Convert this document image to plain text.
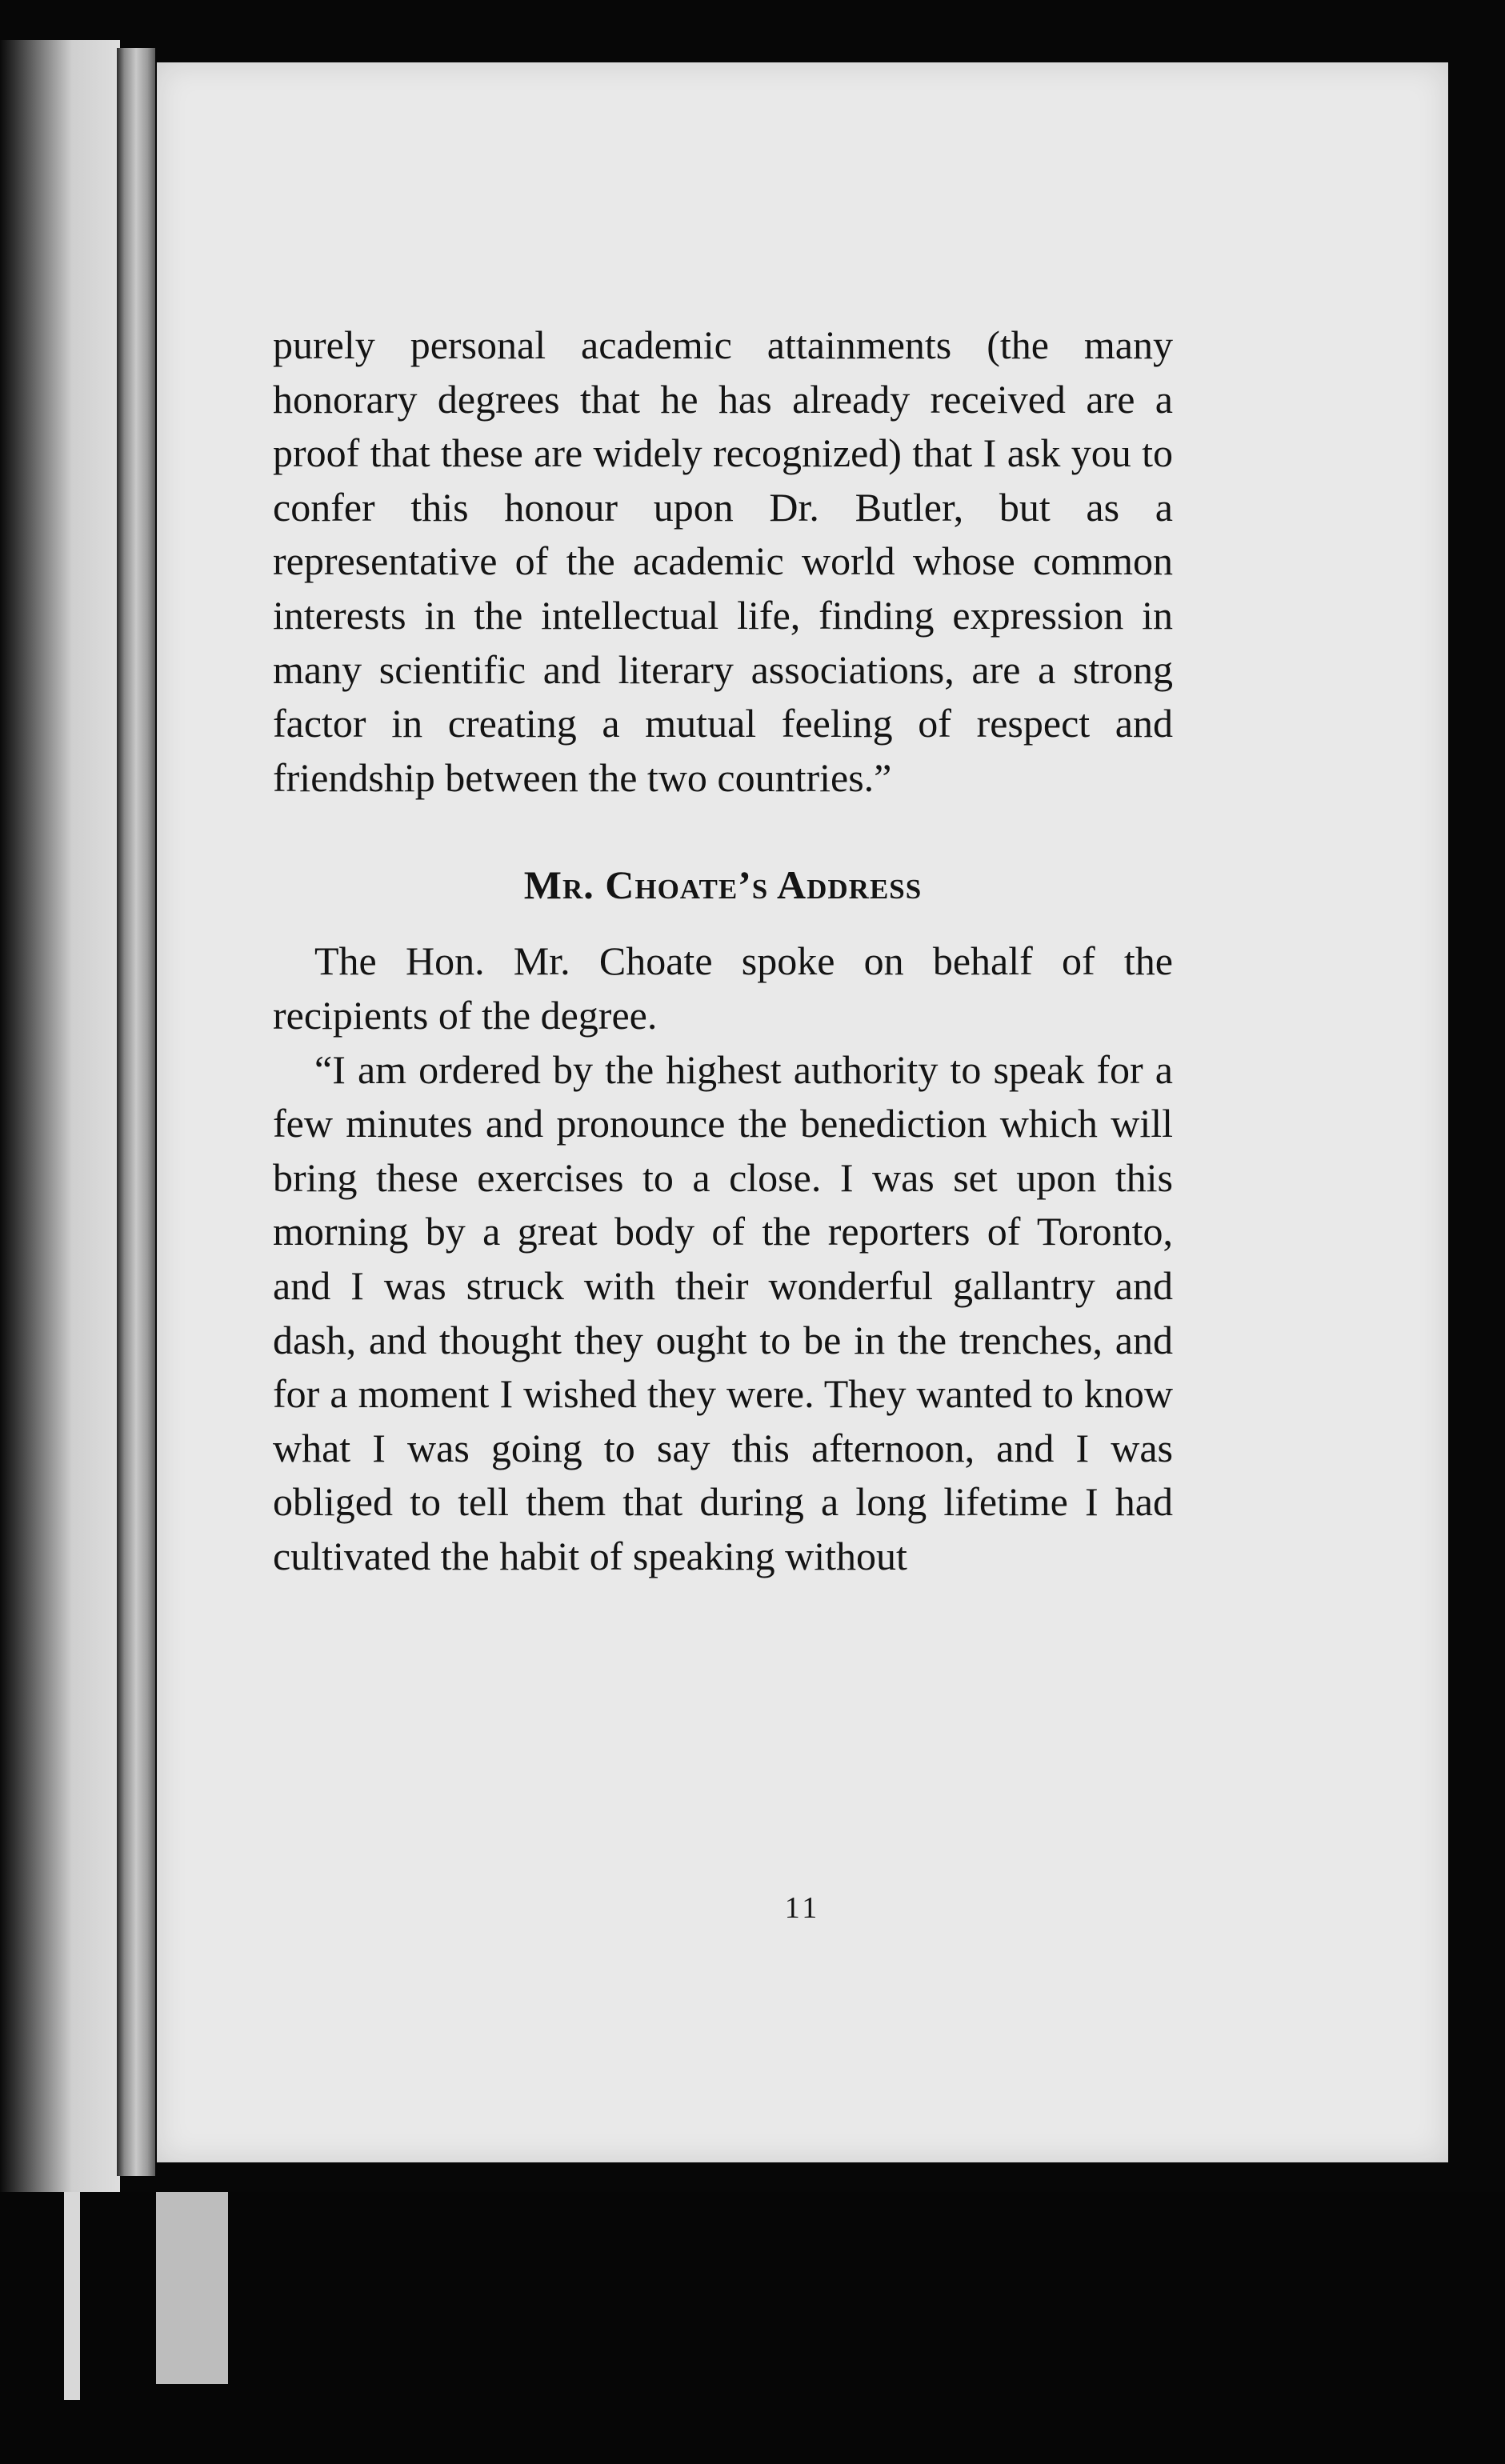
purely personal academic attainments (the many honorary degrees that he has already received are a proof that these are widely recognized) that I ask you to confer this honour upon Dr. Butler, but as a representative of the academic world whose common interests in the intellectual life, finding expression in many scientific and literary associations, are a strong factor in creating a mutual feeling of respect and friendship between the two countries.”

Mr. Choate’s Address

The Hon. Mr. Choate spoke on behalf of the recipients of the degree.

“I am ordered by the highest authority to speak for a few minutes and pronounce the benediction which will bring these exercises to a close. I was set upon this morning by a great body of the reporters of Toronto, and I was struck with their wonderful gallantry and dash, and thought they ought to be in the trenches, and for a moment I wished they were. They wanted to know what I was going to say this afternoon, and I was obliged to tell them that during a long lifetime I had cultivated the habit of speaking without

11
